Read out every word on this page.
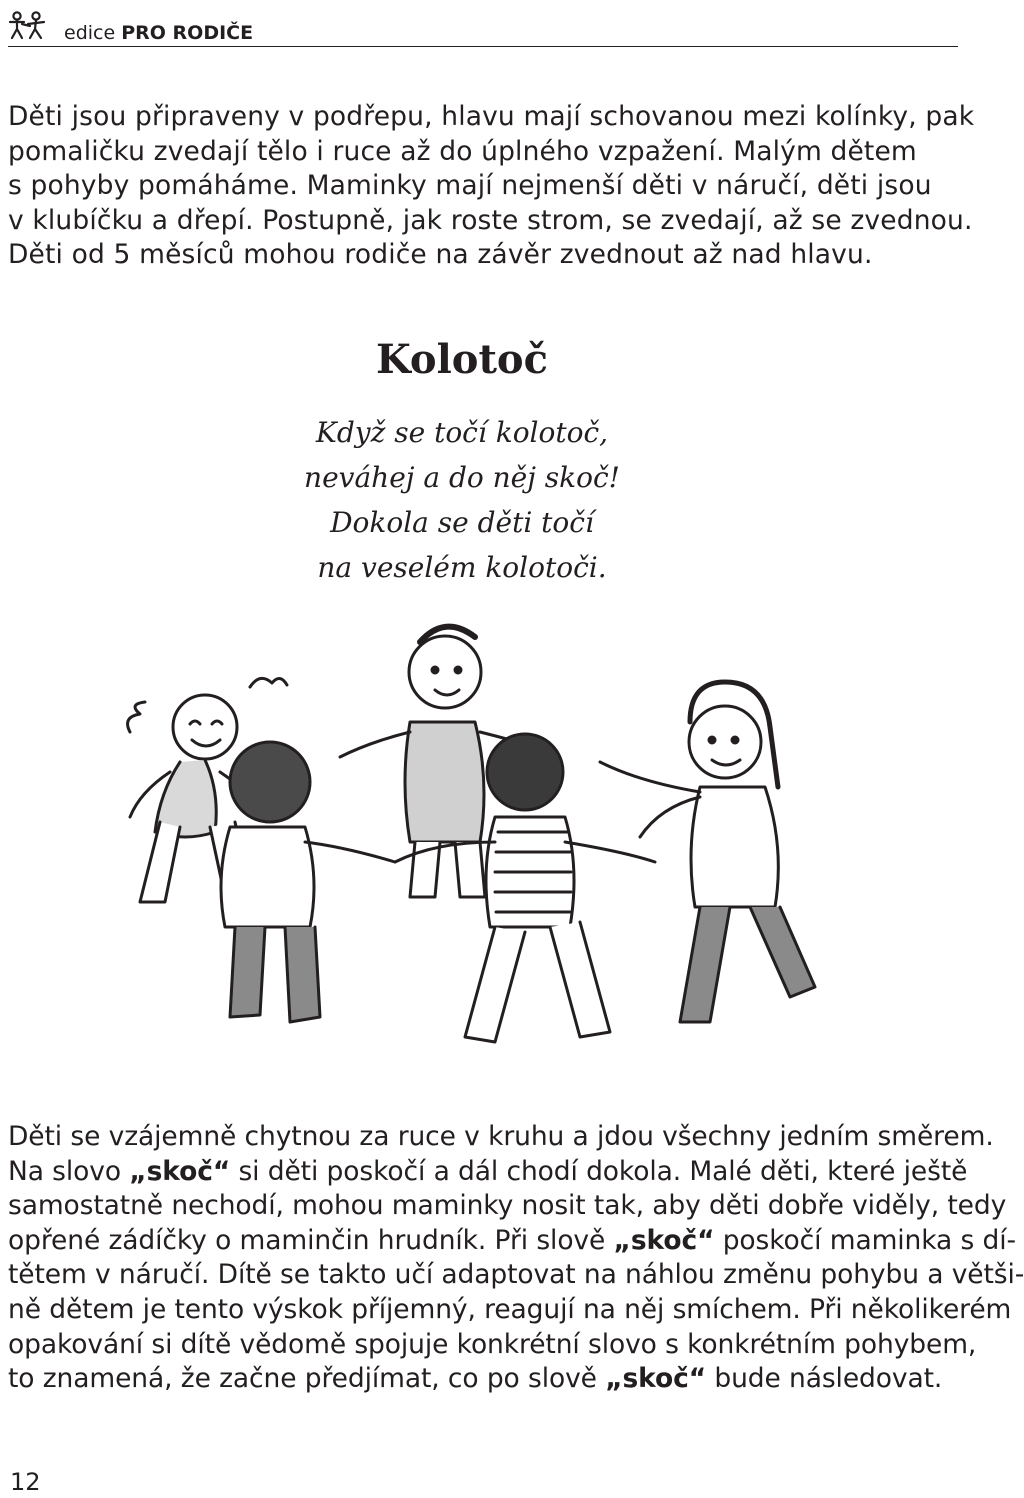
edice PRO RODIČE
Děti jsou připraveny v podřepu, hlavu mají schovanou mezi kolínky, pak
pomaličku zvedají tělo i ruce až do úplného vzpažení. Malým dětem
s pohyby pomáháme. Maminky mají nejmenší děti v náručí, děti jsou
v klubíčku a dřepí. Postupně, jak roste strom, se zvedají, až se zvednou.
Děti od 5 měsíců mohou rodiče na závěr zvednout až nad hlavu.
Kolotoč
Když se točí kolotoč,
neváhej a do něj skoč!
Dokola se děti točí
na veselém kolotoči.
Děti se vzájemně chytnou za ruce v kruhu a jdou všechny jedním směrem.
Na slovo „skoč“ si děti poskočí a dál chodí dokola. Malé děti, které ještě
samostatně nechodí, mohou maminky nosit tak, aby děti dobře viděly, tedy
opřené zádíčky o maminčin hrudník. Při slově „skoč“ poskočí maminka s dí-
tětem v náručí. Dítě se takto učí adaptovat na náhlou změnu pohybu a větši-
ně dětem je tento výskok příjemný, reagují na něj smíchem. Při několikerém
opakování si dítě vědomě spojuje konkrétní slovo s konkrétním pohybem,
to znamená, že začne předjímat, co po slově „skoč“ bude následovat.
12
